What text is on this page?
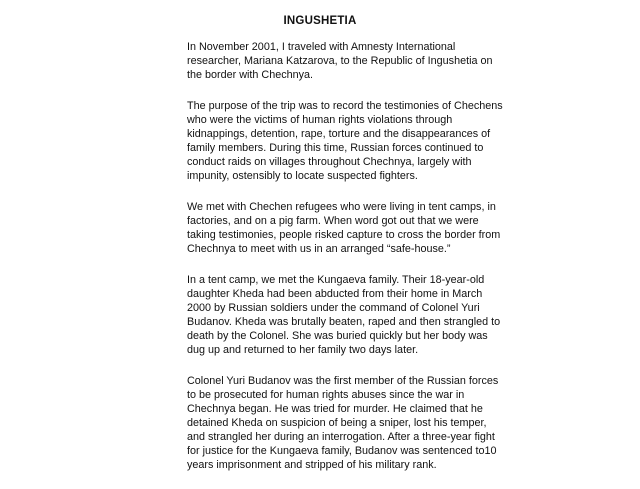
INGUSHETIA

In November 2001, I traveled with Amnesty International
researcher, Mariana Katzarova, to the Republic of Ingushetia on
the border with Chechnya.

The purpose of the trip was to record the testimonies of Chechens
who were the victims of human rights violations through
kidnappings, detention, rape, torture and the disappearances of
family members. During this time, Russian forces continued to
conduct raids on villages throughout Chechnya, largely with
impunity, ostensibly to locate suspected fighters.

We met with Chechen refugees who were living in tent camps, in
factories, and on a pig farm. When word got out that we were
taking testimonies, people risked capture to cross the border from
Chechnya to meet with us in an arranged “safe-house.”

In a tent camp, we met the Kungaeva family. Their 18-year-old
daughter Kheda had been abducted from their home in March
2000 by Russian soldiers under the command of Colonel Yuri
Budanov. Kheda was brutally beaten, raped and then strangled to
death by the Colonel. She was buried quickly but her body was
dug up and returned to her family two days later.

Colonel Yuri Budanov was the first member of the Russian forces
to be prosecuted for human rights abuses since the war in
Chechnya began. He was tried for murder. He claimed that he
detained Kheda on suspicion of being a sniper, lost his temper,
and strangled her during an interrogation. After a three-year fight
for justice for the Kungaeva family, Budanov was sentenced to10
years imprisonment and stripped of his military rank.
